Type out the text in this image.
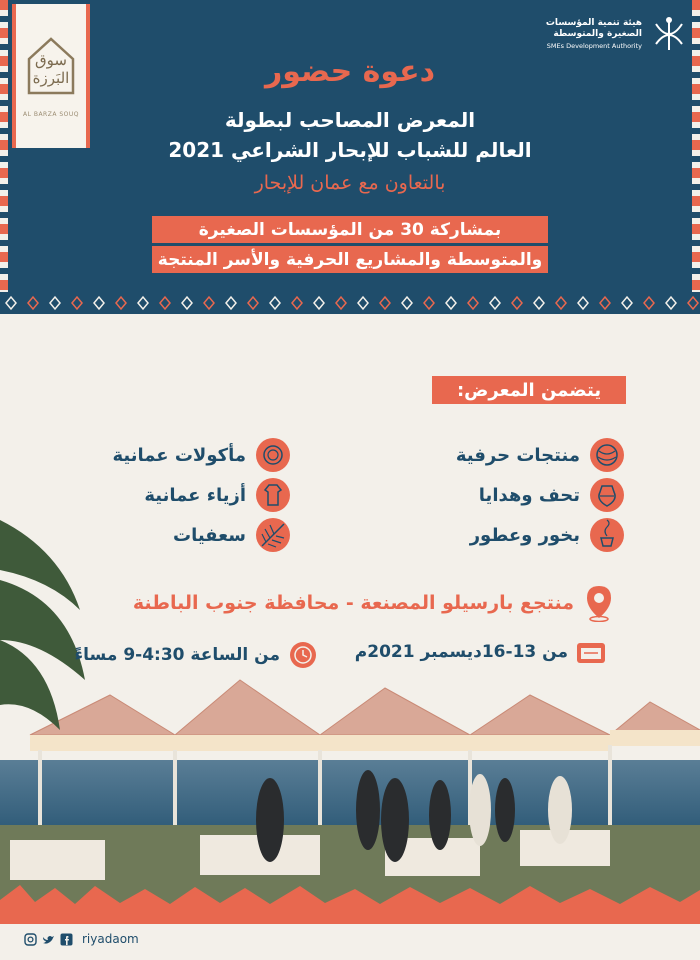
سوق البَرزة
AL BARZA SOUQ
هيئة تنمية المؤسسات
الصغيرة والمتوسطة
SMEs Development Authority
دعوة حضور
المعرض المصاحب لبطولة
العالم للشباب للإبحار الشراعي 2021
بالتعاون مع عمان للإبحار
بمشاركة 30 من المؤسسات الصغيرة
والمتوسطة والمشاريع الحرفية والأسر المنتجة
يتضمن المعرض:
منتجات حرفية
تحف وهدايا
بخور وعطور
مأكولات عمانية
أزياء عمانية
سعفيات
منتجع بارسيلو المصنعة - محافظة جنوب الباطنة
من 13-16ديسمبر 2021م
من الساعة 4:30-9 مساءً
riyadaom
